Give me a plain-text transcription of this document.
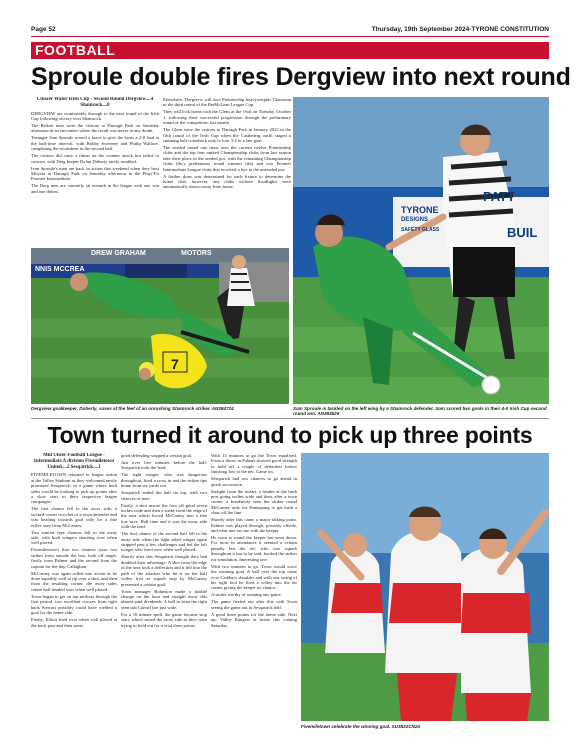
Page 52	Thursday, 19th September 2024-TYRONE CONSTITUTION
FOOTBALL
Sproule double fires Dergview into next round

Clearer Water Irish Cup - Second Round Dergview....4 Shamrock....0

DERGVIEW are comfortably through to the next round of the Irish Cup following victory over Shamrock.

The Belfast men were the visitors to Darragh Park on Saturday afternoon in an encounter where the result was never in any doubt.

Teenager Sam Sproule scored a brace to give the hosts a 2-0 lead at the half-time interval, with Bobby Sweeney and Philip Wallace, completing the scoresheet in the second half.

The visitors did carry a threat on the counter attack but failed to convert, with Derg keeper Dylan Doherty rarely troubled.

Ivan Sproule's men are back in action this weekend when they host Moyola at Darragh Park on Saturday afternoon in the Playr-Fit Premier Intermediate.

The Derg men are currently sit seventh in the league with one win and one defeat.

Elsewhere, Dergview will face Premiership heavyweights Glentoran in the third round of the BetMcLean League Cup.

They will lock horns with the Glens at the Oval on Tuesday, October 1, following their successful progression through the preliminary round of the competition last month.

The Glens were the visitors to Darragh Park in January 2022 in the fifth round of the Irish Cup when the Castlederg outfit staged a stunning half comeback only to lose 3-2 to a late goal.

The seeded round one draw sees the current twelve Premiership clubs and the top four ranked Championship clubs from last season take their place in the seeded pot, with the remaining Championship clubs (tbc), preliminary round winners (tbt) and two Premier Intermediate League clubs that received a bye in the unseeded pot.

A further draw was determined for each fixture to determine the home club, however, any clubs without floodlights were automatically drawn away from home.

7
DREW GRAHAM	MOTORS
NNIS MCCREA
PATT
BUIL
TYRONE
DESIGNS
SAFETY GLASS
Dergview goalkeeper, Doherty, saves at the feet of an onrushing Shamrock striker. AN384724	Sam Sproule is tackled on the left wing by a Shamrock defender. Sam scored two goals in their 4-0 Irish Cup second round win. AN384526
Town turned it around to pick up three points

Mid Ulster Football League - Intermediate A division Fivemiletown United....2 Sesqatrick....1

FIVEMILETOWN returned to league action at the Valley Stadium as they welcomed newly promoted Sesqatrick, in a game where both sides would be looking to pick up points after a slow start to their respective league campaigns.

The first chance fell to the away side, a wicked corner ricochet of a town defender and was heading towards goal only for a fine reflex save from McCamey.

Two similar type chances fell to the away side, with both wingers shooting over when well placed.

Fivemiletown's first two chances were two strikes from outside the box, both off target, firstly from Palmer and the second from the captain for the day, Callaghan.

McCamey was again called into action as he done superbly well to tip over a shot, and then from the resulting corner, the away sides centre half headed over when well placed.

Town began to get on top midway through the first period, two excellent crosses from right back Stewart possibly could have yielded a goal for the home side.

Firstly, Elliott fired over when well placed at the back post and then some

good defending stopped a certain goal.

Just over five minutes before the half, Sesqatrick took the lead.

The right winger, who was dangerous throughout, fired a cross in and the striker tips home from six yards out.

Sesqatrick ended the half on top, with two chances of note.

Firstly, a shot across the face off good seven inches wide and then a strike from the edge of the area which forced McCamey into a fine low save. Half time and it was the away side with the lead.

The first chance of the second half fell to the away side when the right sided winger again stripped past a few challenges and fed the left winger who fired over when well placed.

Shortly after this Sesqatrick thought they had doubled their advantage. A shot from the edge of the area took a deflection and it fell into the path of the attacker who hit it on the half volley first as superb stop by McCamey prevented a certain goal.

Town manager Robinson made a double change on the hour and straight away this almost paid dividends. A ball in from the right seen sub Carroll fire just wide.

For a 10 minute spell, the game became stop start, which suited the away side as they were trying to hold out for a vital three points.

With 15 minutes to go the Town equalised. From a throw in Palmer showed good strength to hold off a couple of defenders before finishing low to the net. Game on.

Sesqatrick had two chances to go ahead in quick succession.

Straight from the restart, a header at the back post going inches wide and then, after a town corner, a breakaway seen the striker round McCamey only for Pennapong to get back a clear off the line.

Shortly after this came a major talking point. Palmer was played through, possibly offside, and went one on one with the keeper.

He went to round the keeper but went down. For most in attendance it seemed a certain penalty but the ref, who was superb throughout it has to be said, booked the striker for simulation. Interesting one.

With two minutes to go, Town would score the winning goal. A ball over the top came over Cadden's shoulder and with one swing of his right foot he fired a volley into the far corner giving the keeper no chance.

A stroke worthy of winning any game.

The game fizzled out after this with Town seeing the game out in Sesqatrick half.

A good three points for the home side. Next up, Valley Rangers at home this coming Saturday.

Fivemiletown celebrate the winning goal. SU3822CN24
